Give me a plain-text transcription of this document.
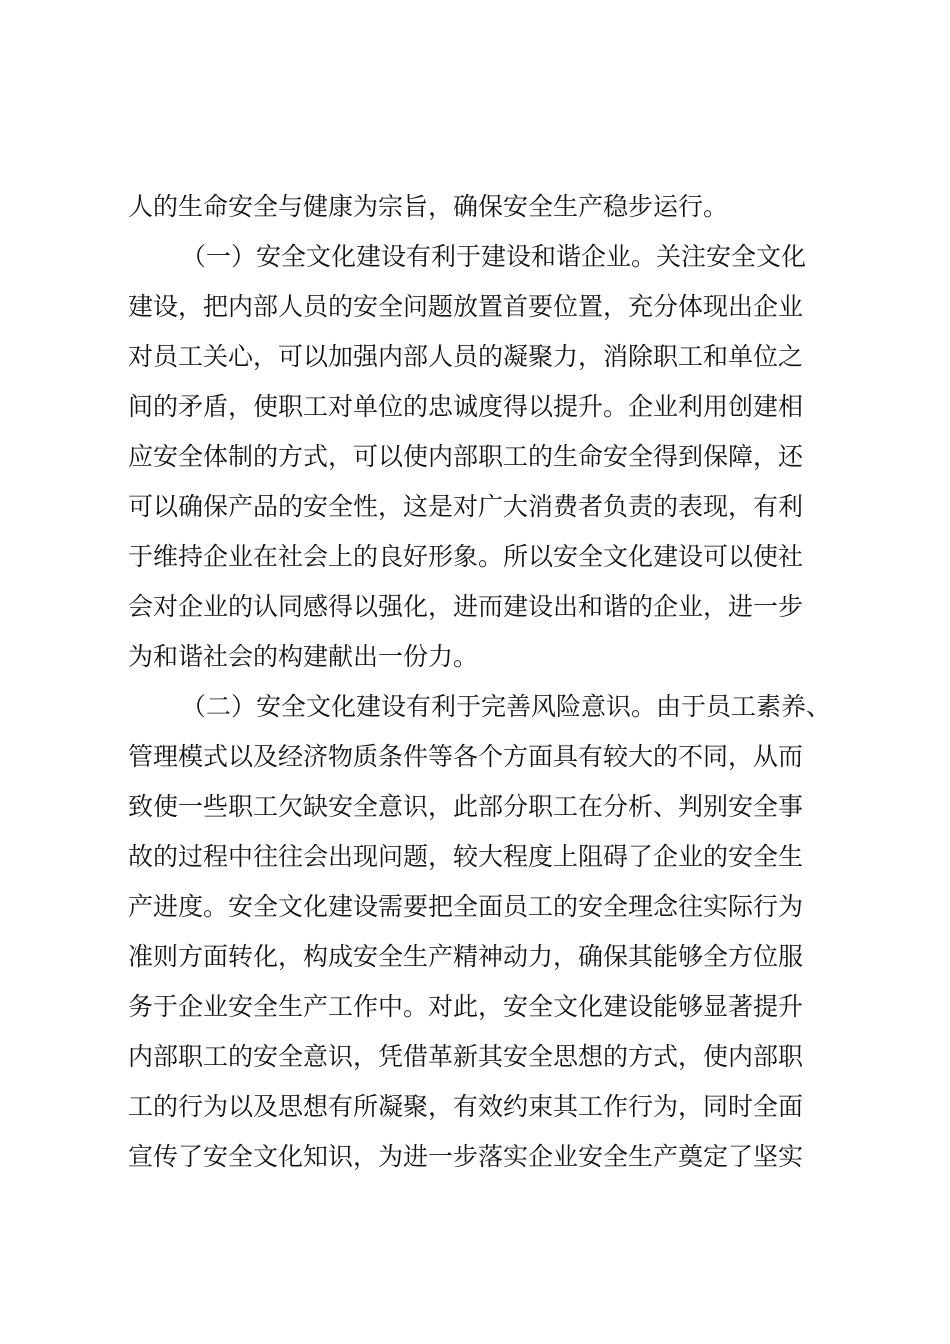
人的生命安全与健康为宗旨，确保安全生产稳步运行。
（一）安全文化建设有利于建设和谐企业。关注安全文化
建设，把内部人员的安全问题放置首要位置，充分体现出企业
对员工关心，可以加强内部人员的凝聚力，消除职工和单位之
间的矛盾，使职工对单位的忠诚度得以提升。企业利用创建相
应安全体制的方式，可以使内部职工的生命安全得到保障，还
可以确保产品的安全性，这是对广大消费者负责的表现，有利
于维持企业在社会上的良好形象。所以安全文化建设可以使社
会对企业的认同感得以强化，进而建设出和谐的企业，进一步
为和谐社会的构建献出一份力。
（二）安全文化建设有利于完善风险意识。由于员工素养、
管理模式以及经济物质条件等各个方面具有较大的不同，从而
致使一些职工欠缺安全意识，此部分职工在分析、判别安全事
故的过程中往往会出现问题，较大程度上阻碍了企业的安全生
产进度。安全文化建设需要把全面员工的安全理念往实际行为
准则方面转化，构成安全生产精神动力，确保其能够全方位服
务于企业安全生产工作中。对此，安全文化建设能够显著提升
内部职工的安全意识，凭借革新其安全思想的方式，使内部职
工的行为以及思想有所凝聚，有效约束其工作行为，同时全面
宣传了安全文化知识，为进一步落实企业安全生产奠定了坚实
